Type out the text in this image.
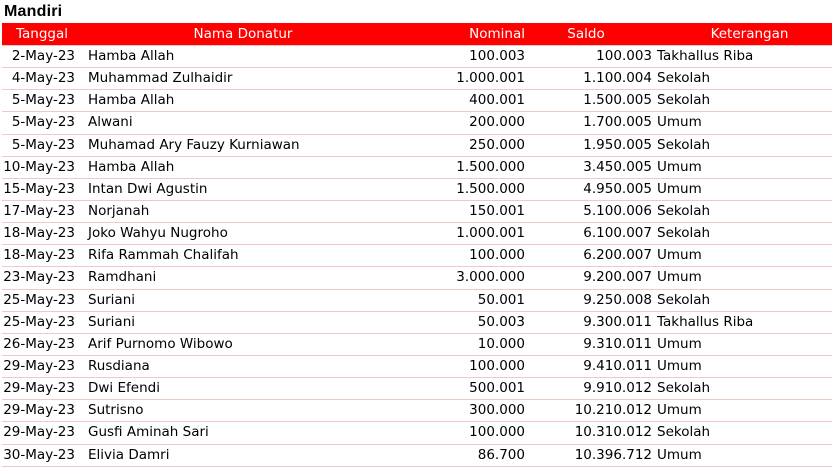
Mandiri
Tanggal	Nama Donatur	Nominal	Saldo	Keterangan
2-May-23	Hamba Allah	100.003	100.003	Takhallus Riba
4-May-23	Muhammad Zulhaidir	1.000.001	1.100.004	Sekolah
5-May-23	Hamba Allah	400.001	1.500.005	Sekolah
5-May-23	Alwani	200.000	1.700.005	Umum
5-May-23	Muhamad Ary Fauzy Kurniawan	250.000	1.950.005	Sekolah
10-May-23	Hamba Allah	1.500.000	3.450.005	Umum
15-May-23	Intan Dwi Agustin	1.500.000	4.950.005	Umum
17-May-23	Norjanah	150.001	5.100.006	Sekolah
18-May-23	Joko Wahyu Nugroho	1.000.001	6.100.007	Sekolah
18-May-23	Rifa Rammah Chalifah	100.000	6.200.007	Umum
23-May-23	Ramdhani	3.000.000	9.200.007	Umum
25-May-23	Suriani	50.001	9.250.008	Sekolah
25-May-23	Suriani	50.003	9.300.011	Takhallus Riba
26-May-23	Arif Purnomo Wibowo	10.000	9.310.011	Umum
29-May-23	Rusdiana	100.000	9.410.011	Umum
29-May-23	Dwi Efendi	500.001	9.910.012	Sekolah
29-May-23	Sutrisno	300.000	10.210.012	Umum
29-May-23	Gusfi Aminah Sari	100.000	10.310.012	Sekolah
30-May-23	Elivia Damri	86.700	10.396.712	Umum
